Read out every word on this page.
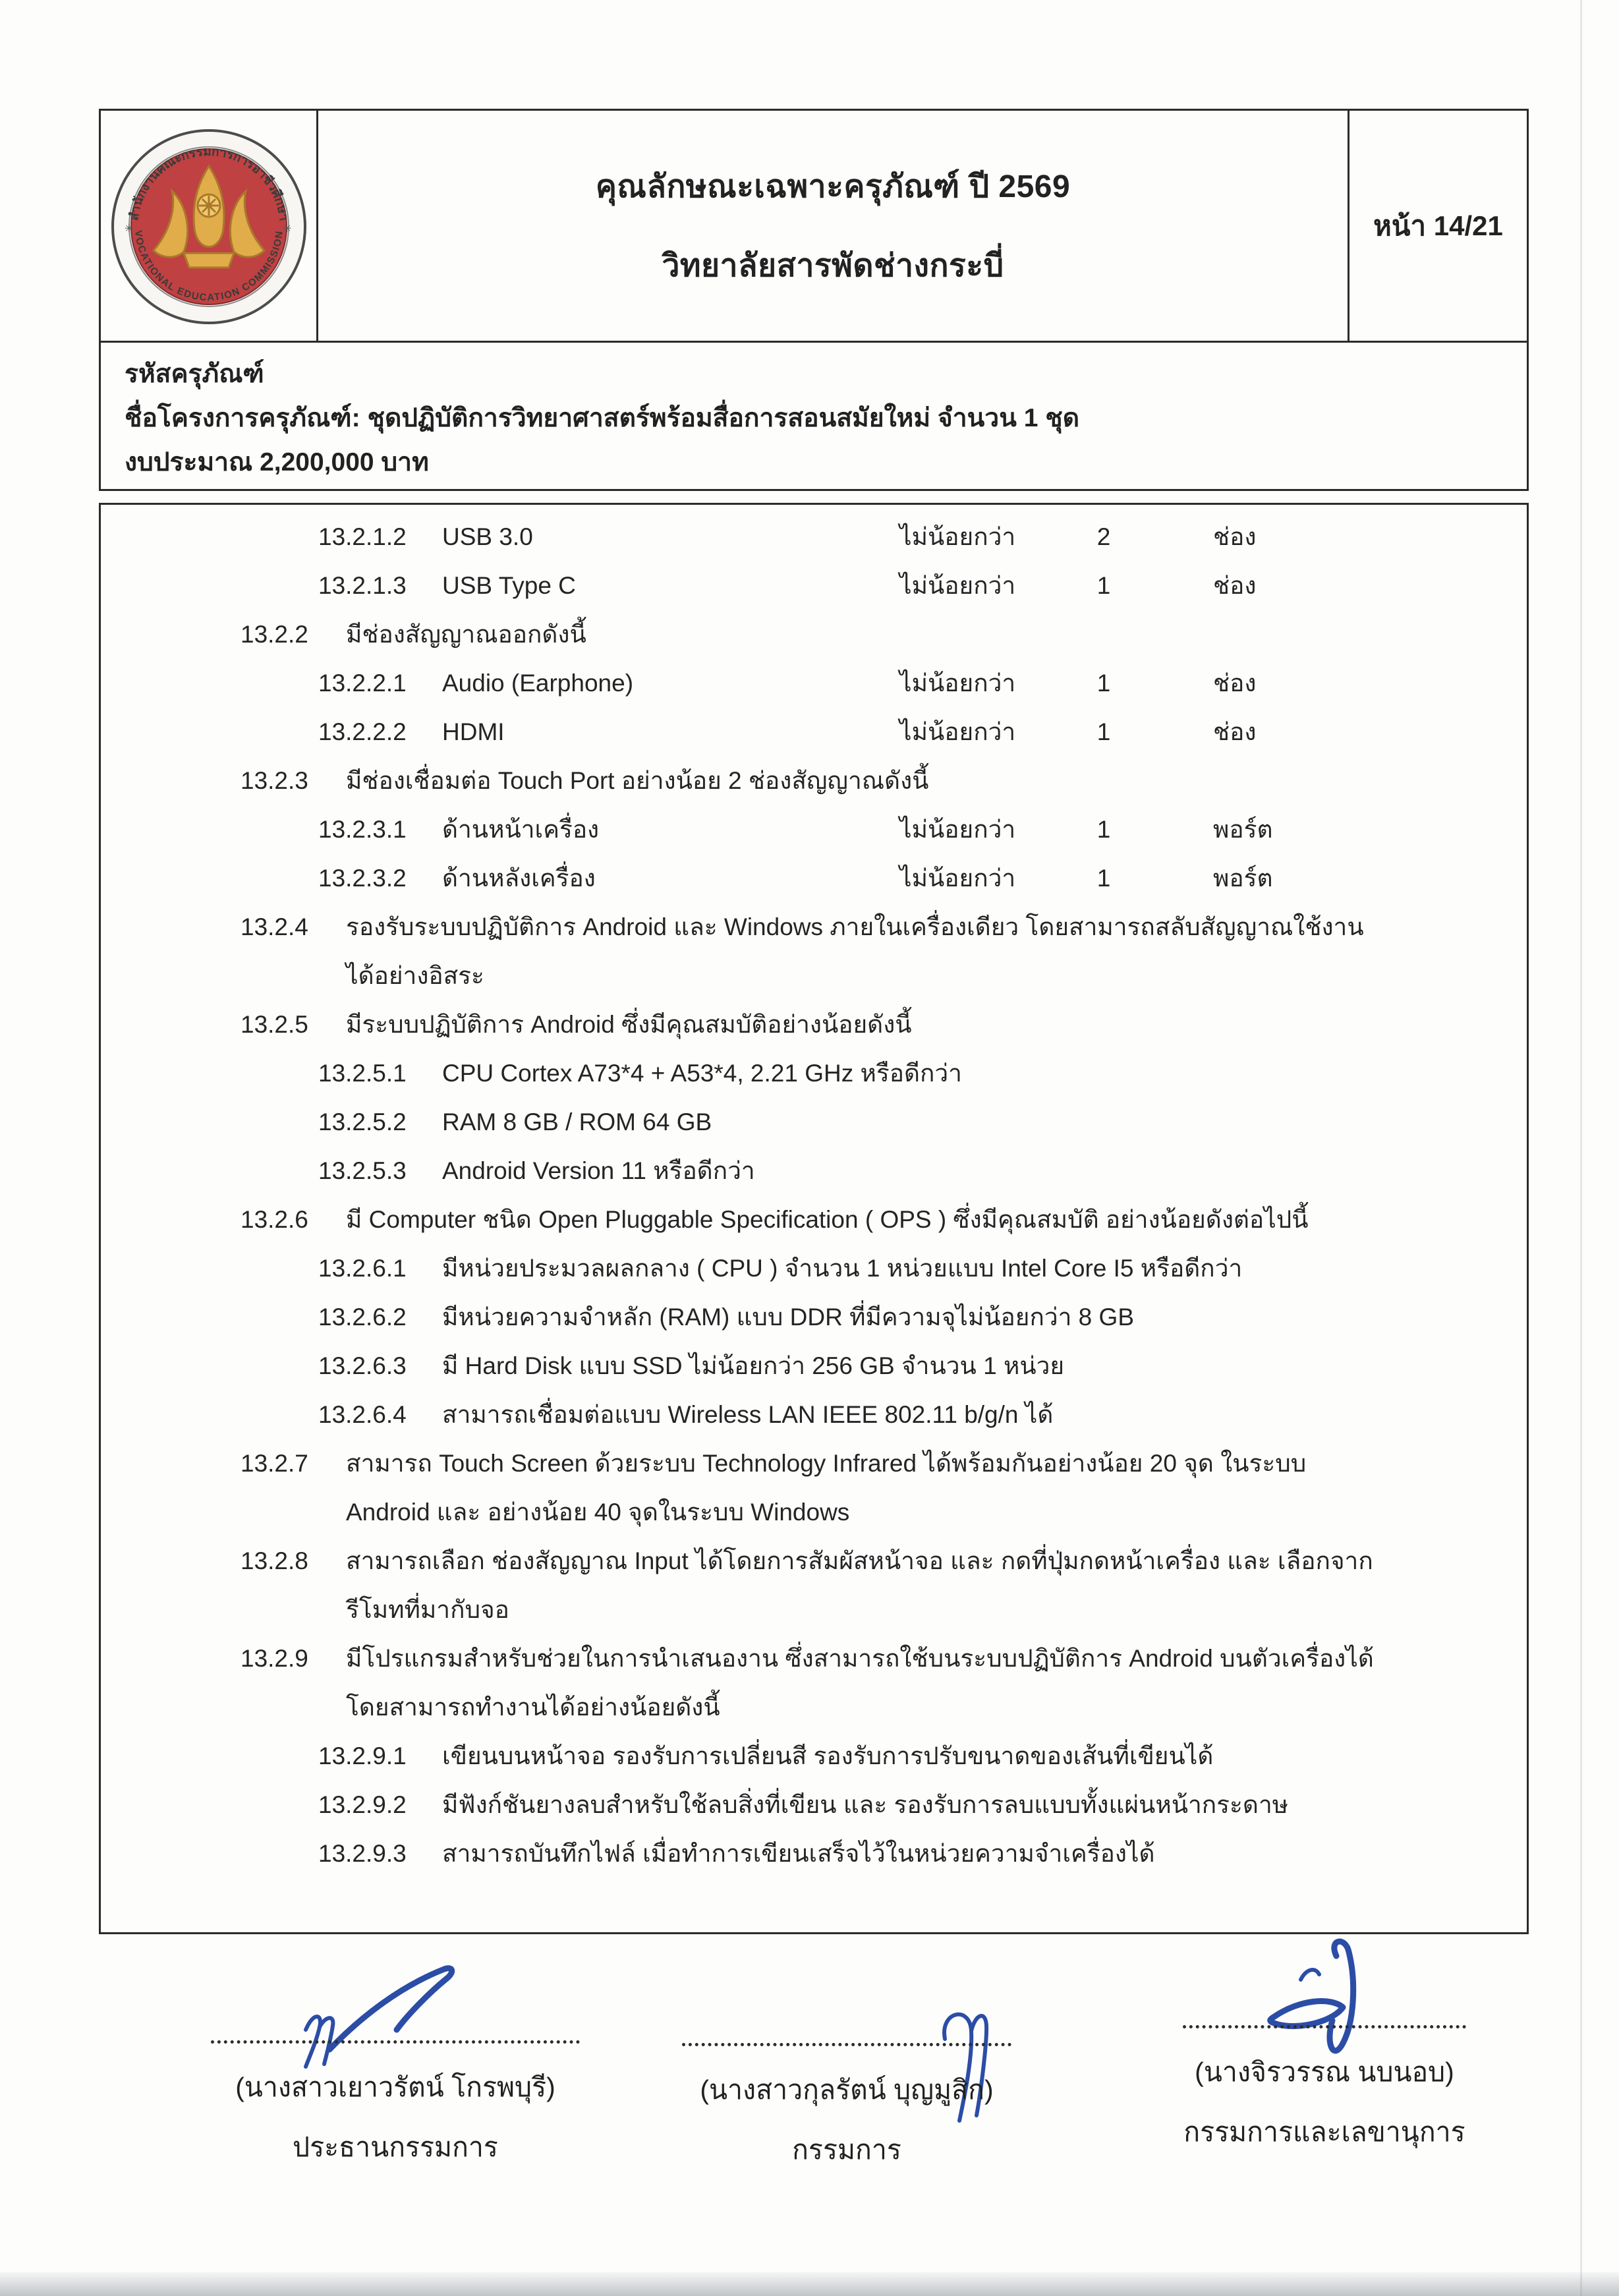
สำนักงานคณะกรรมการการอาชีวศึกษา
VOCATIONAL EDUCATION COMMISSION
✳	✳
คุณลักษณะเฉพาะครุภัณฑ์ ปี 2569
วิทยาลัยสารพัดช่างกระบี่
หน้า 14/21
รหัสครุภัณฑ์
ชื่อโครงการครุภัณฑ์: ชุดปฏิบัติการวิทยาศาสตร์พร้อมสื่อการสอนสมัยใหม่ จำนวน 1 ชุด
งบประมาณ 2,200,000 บาท
13.2.1.2 USB 3.0	ไม่น้อยกว่า	2	ช่อง
13.2.1.3 USB Type C	ไม่น้อยกว่า	1	ช่อง
13.2.2 มีช่องสัญญาณออกดังนี้
13.2.2.1 Audio (Earphone)	ไม่น้อยกว่า	1	ช่อง
13.2.2.2 HDMI	ไม่น้อยกว่า	1	ช่อง
13.2.3 มีช่องเชื่อมต่อ Touch Port อย่างน้อย 2 ช่องสัญญาณดังนี้
13.2.3.1 ด้านหน้าเครื่อง	ไม่น้อยกว่า	1	พอร์ต
13.2.3.2 ด้านหลังเครื่อง	ไม่น้อยกว่า	1	พอร์ต
13.2.4 รองรับระบบปฏิบัติการ Android และ Windows ภายในเครื่องเดียว โดยสามารถสลับสัญญาณใช้งาน
ได้อย่างอิสระ
13.2.5 มีระบบปฏิบัติการ Android ซึ่งมีคุณสมบัติอย่างน้อยดังนี้
13.2.5.1 CPU Cortex A73*4 + A53*4, 2.21 GHz หรือดีกว่า
13.2.5.2 RAM 8 GB / ROM 64 GB
13.2.5.3 Android Version 11 หรือดีกว่า
13.2.6 มี Computer ชนิด Open Pluggable Specification ( OPS ) ซึ่งมีคุณสมบัติ อย่างน้อยดังต่อไปนี้
13.2.6.1 มีหน่วยประมวลผลกลาง ( CPU ) จำนวน 1 หน่วยแบบ Intel Core I5 หรือดีกว่า
13.2.6.2 มีหน่วยความจำหลัก (RAM) แบบ DDR ที่มีความจุไม่น้อยกว่า 8 GB
13.2.6.3 มี Hard Disk แบบ SSD ไม่น้อยกว่า 256 GB จำนวน 1 หน่วย
13.2.6.4 สามารถเชื่อมต่อแบบ Wireless LAN IEEE 802.11 b/g/n ได้
13.2.7 สามารถ Touch Screen ด้วยระบบ Technology Infrared ได้พร้อมกันอย่างน้อย 20 จุด ในระบบ
Android และ อย่างน้อย 40 จุดในระบบ Windows
13.2.8 สามารถเลือก ช่องสัญญาณ Input ได้โดยการสัมผัสหน้าจอ และ กดที่ปุ่มกดหน้าเครื่อง และ เลือกจาก
รีโมทที่มากับจอ
13.2.9 มีโปรแกรมสำหรับช่วยในการนำเสนองาน ซึ่งสามารถใช้บนระบบปฏิบัติการ Android บนตัวเครื่องได้
โดยสามารถทำงานได้อย่างน้อยดังนี้
13.2.9.1 เขียนบนหน้าจอ รองรับการเปลี่ยนสี รองรับการปรับขนาดของเส้นที่เขียนได้
13.2.9.2 มีฟังก์ชันยางลบสำหรับใช้ลบสิ่งที่เขียน และ รองรับการลบแบบทั้งแผ่นหน้ากระดาษ
13.2.9.3 สามารถบันทึกไฟล์ เมื่อทำการเขียนเสร็จไว้ในหน่วยความจำเครื่องได้
(นางสาวเยาวรัตน์ โกรพบุรี)
ประธานกรรมการ
(นางสาวกุลรัตน์ บุญมูสิก)
กรรมการ
(นางจิรวรรณ นบนอบ)
กรรมการและเลขานุการ
